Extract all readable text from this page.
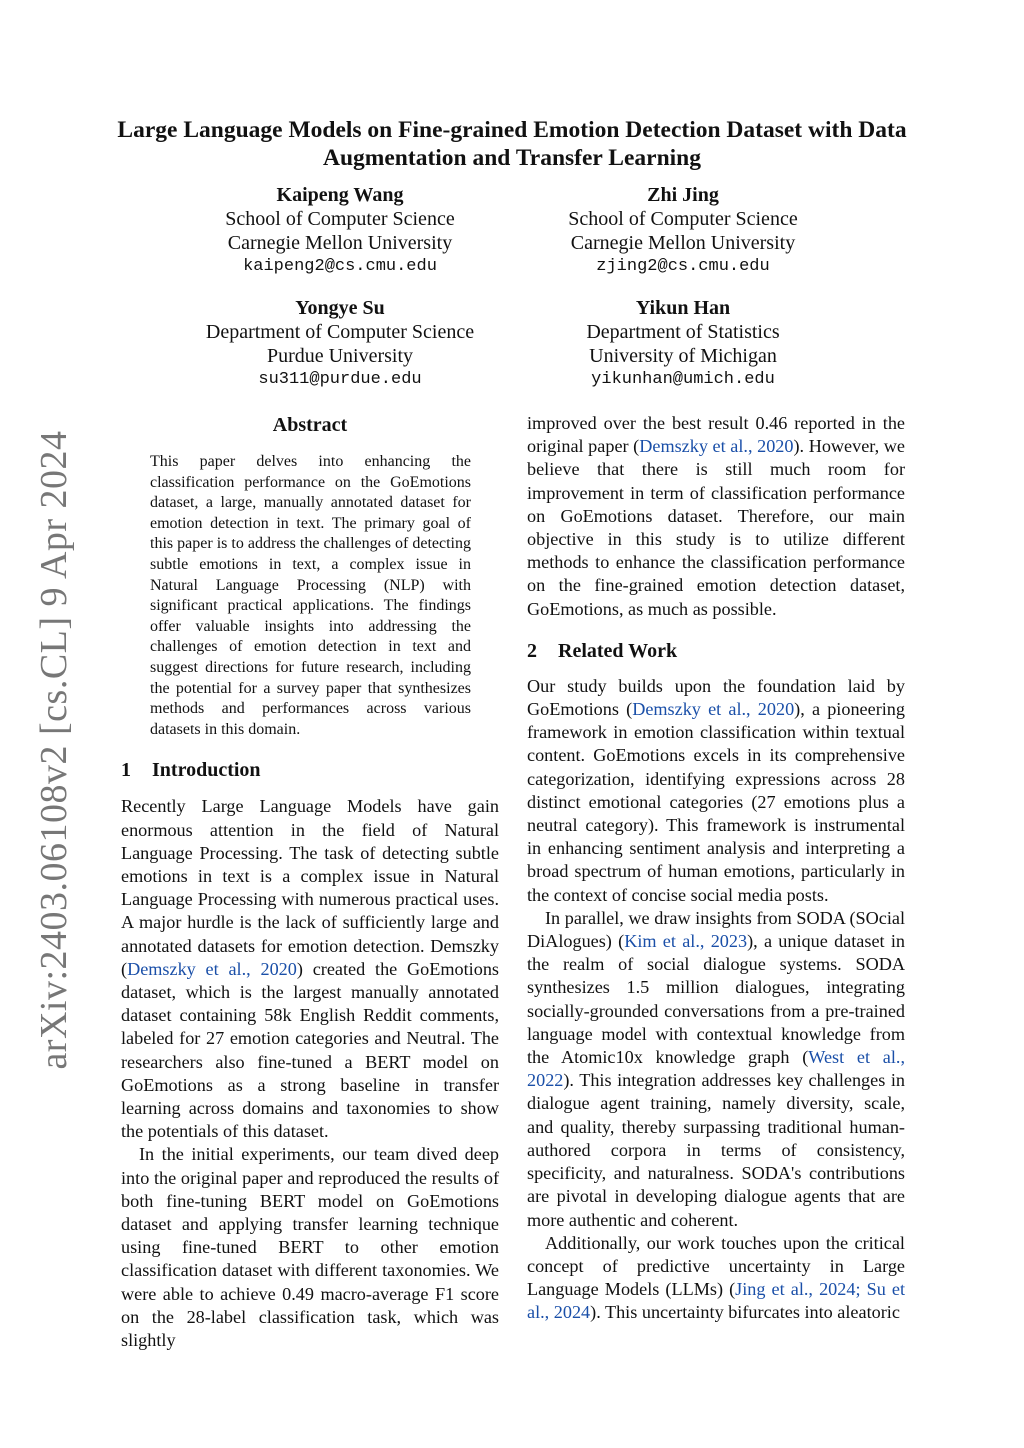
arXiv:2403.06108v2 [cs.CL] 9 Apr 2024
Large Language Models on Fine-grained Emotion Detection Dataset with Data Augmentation and Transfer Learning
Kaipeng Wang
School of Computer Science
Carnegie Mellon University
kaipeng2@cs.cmu.edu
Zhi Jing
School of Computer Science
Carnegie Mellon University
zjing2@cs.cmu.edu
Yongye Su
Department of Computer Science
Purdue University
su311@purdue.edu
Yikun Han
Department of Statistics
University of Michigan
yikunhan@umich.edu
Abstract
This paper delves into enhancing the classification performance on the GoEmotions dataset, a large, manually annotated dataset for emotion detection in text. The primary goal of this paper is to address the challenges of detecting subtle emotions in text, a complex issue in Natural Language Processing (NLP) with significant practical applications. The findings offer valuable insights into addressing the challenges of emotion detection in text and suggest directions for future research, including the potential for a survey paper that synthesizes methods and performances across various datasets in this domain.
1 Introduction

Recently Large Language Models have gain enormous attention in the field of Natural Language Processing. The task of detecting subtle emotions in text is a complex issue in Natural Language Processing with numerous practical uses. A major hurdle is the lack of sufficiently large and annotated datasets for emotion detection. Demszky (Demszky et al., 2020) created the GoEmotions dataset, which is the largest manually annotated dataset containing 58k English Reddit comments, labeled for 27 emotion categories and Neutral. The researchers also fine-tuned a BERT model on GoEmotions as a strong baseline in transfer learning across domains and taxonomies to show the potentials of this dataset.

In the initial experiments, our team dived deep into the original paper and reproduced the results of both fine-tuning BERT model on GoEmotions dataset and applying transfer learning technique using fine-tuned BERT to other emotion classification dataset with different taxonomies. We were able to achieve 0.49 macro-average F1 score on the 28-label classification task, which was slightly

improved over the best result 0.46 reported in the original paper (Demszky et al., 2020). However, we believe that there is still much room for improvement in term of classification performance on GoEmotions dataset. Therefore, our main objective in this study is to utilize different methods to enhance the classification performance on the fine-grained emotion detection dataset, GoEmotions, as much as possible.

2 Related Work

Our study builds upon the foundation laid by GoEmotions (Demszky et al., 2020), a pioneering framework in emotion classification within textual content. GoEmotions excels in its comprehensive categorization, identifying expressions across 28 distinct emotional categories (27 emotions plus a neutral category). This framework is instrumental in enhancing sentiment analysis and interpreting a broad spectrum of human emotions, particularly in the context of concise social media posts.

In parallel, we draw insights from SODA (SOcial DiAlogues) (Kim et al., 2023), a unique dataset in the realm of social dialogue systems. SODA synthesizes 1.5 million dialogues, integrating socially-grounded conversations from a pre-trained language model with contextual knowledge from the Atomic10x knowledge graph (West et al., 2022). This integration addresses key challenges in dialogue agent training, namely diversity, scale, and quality, thereby surpassing traditional human-authored corpora in terms of consistency, specificity, and naturalness. SODA's contributions are pivotal in developing dialogue agents that are more authentic and coherent.

Additionally, our work touches upon the critical concept of predictive uncertainty in Large Language Models (LLMs) (Jing et al., 2024; Su et al., 2024). This uncertainty bifurcates into aleatoric
